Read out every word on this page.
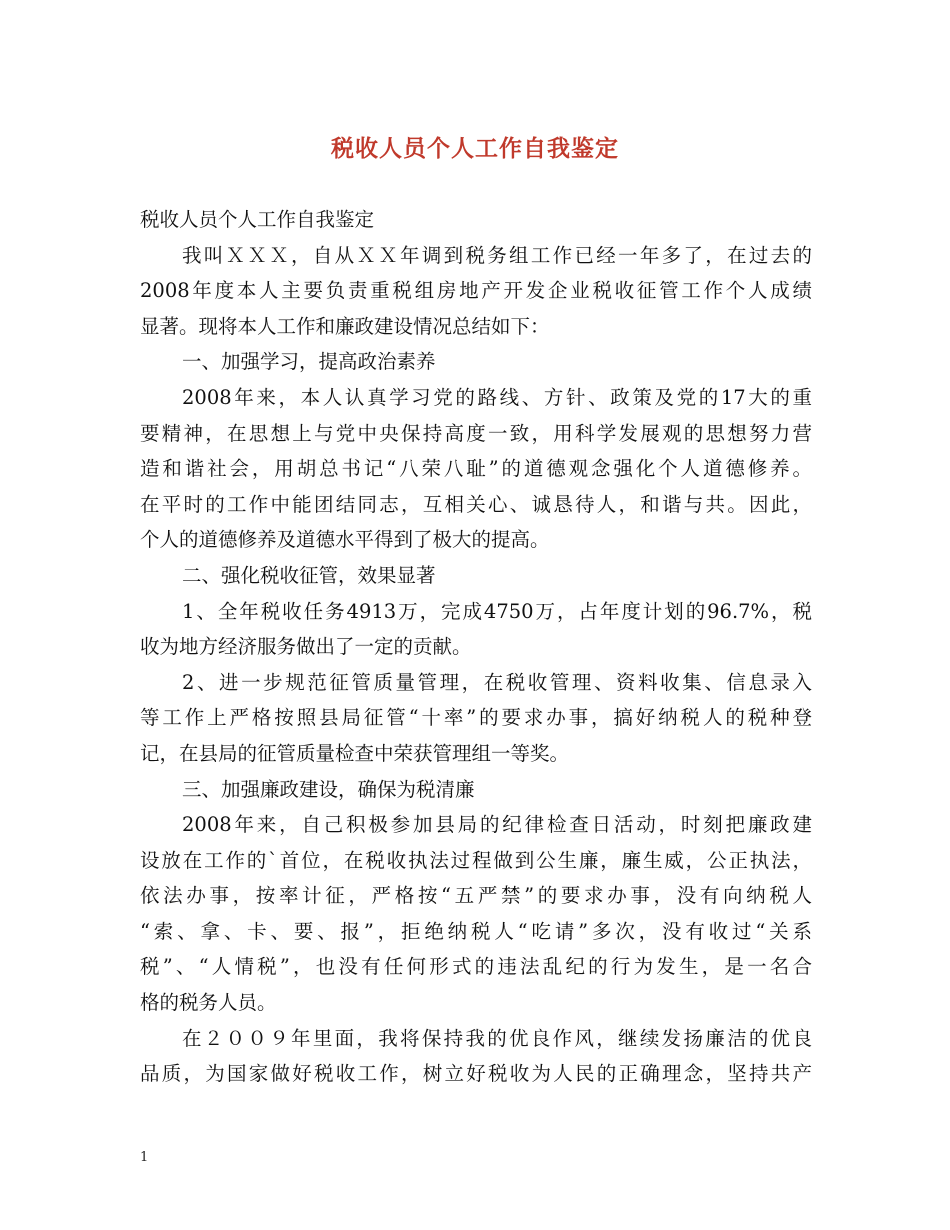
税收人员个人工作自我鉴定
税收人员个人工作自我鉴定
我叫ＸＸＸ，自从ＸＸ年调到税务组工作已经一年多了，在过去的
2008年度本人主要负责重税组房地产开发企业税收征管工作个人成绩
显著。现将本人工作和廉政建设情况总结如下：
一、加强学习，提高政治素养
2008年来，本人认真学习党的路线、方针、政策及党的17大的重
要精神，在思想上与党中央保持高度一致，用科学发展观的思想努力营
造和谐社会，用胡总书记“八荣八耻”的道德观念强化个人道德修养。
在平时的工作中能团结同志，互相关心、诚恳待人，和谐与共。因此，
个人的道德修养及道德水平得到了极大的提高。
二、强化税收征管，效果显著
1、全年税收任务4913万，完成4750万，占年度计划的96.7%，税
收为地方经济服务做出了一定的贡献。
2、进一步规范征管质量管理，在税收管理、资料收集、信息录入
等工作上严格按照县局征管“十率”的要求办事，搞好纳税人的税种登
记，在县局的征管质量检查中荣获管理组一等奖。
三、加强廉政建设，确保为税清廉
2008年来，自己积极参加县局的纪律检查日活动，时刻把廉政建
设放在工作的`首位，在税收执法过程做到公生廉，廉生威，公正执法，
依法办事，按率计征，严格按“五严禁”的要求办事，没有向纳税人
“索、拿、卡、要、报”，拒绝纳税人“吃请”多次，没有收过“关系
税”、“人情税”，也没有任何形式的违法乱纪的行为发生，是一名合
格的税务人员。
在２００９年里面，我将保持我的优良作风，继续发扬廉洁的优良
品质，为国家做好税收工作，树立好税收为人民的正确理念，坚持共产
1
